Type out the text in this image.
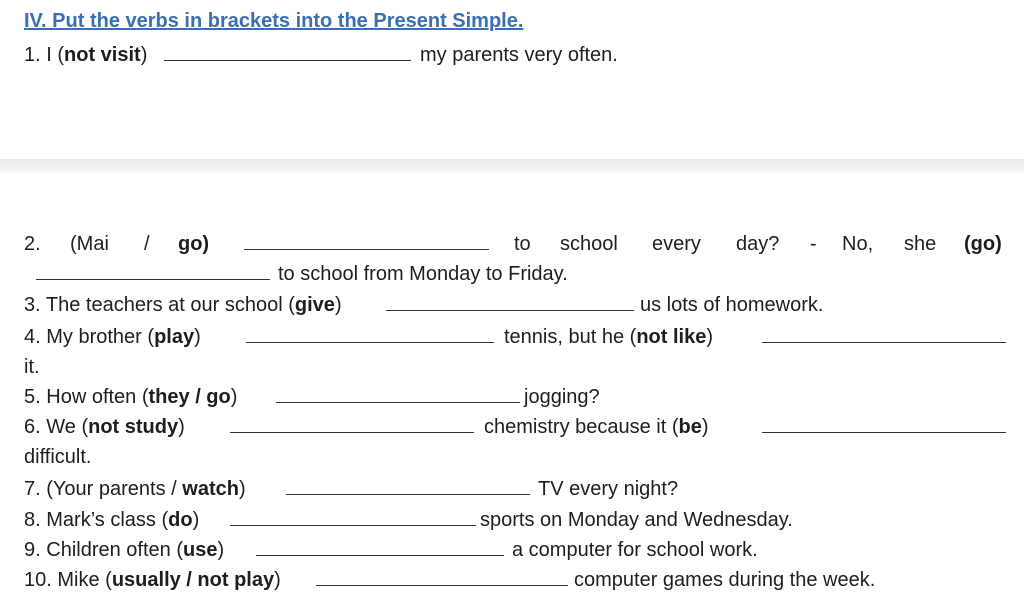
IV. Put the verbs in brackets into the Present Simple.
1. I (not visit)	my parents very often.
2. (Mai / go)	to school every day? - No, she (go)
to school from Monday to Friday.
3. The teachers at our school (give)	us lots of homework.
4. My brother (play)	tennis, but he (not like)
it.
5. How often (they / go)	jogging?
6. We (not study)	chemistry because it (be)
difficult.
7. (Your parents / watch)	TV every night?
8. Mark’s class (do)	sports on Monday and Wednesday.
9. Children often (use)	a computer for school work.
10. Mike (usually / not play)	computer games during the week.
